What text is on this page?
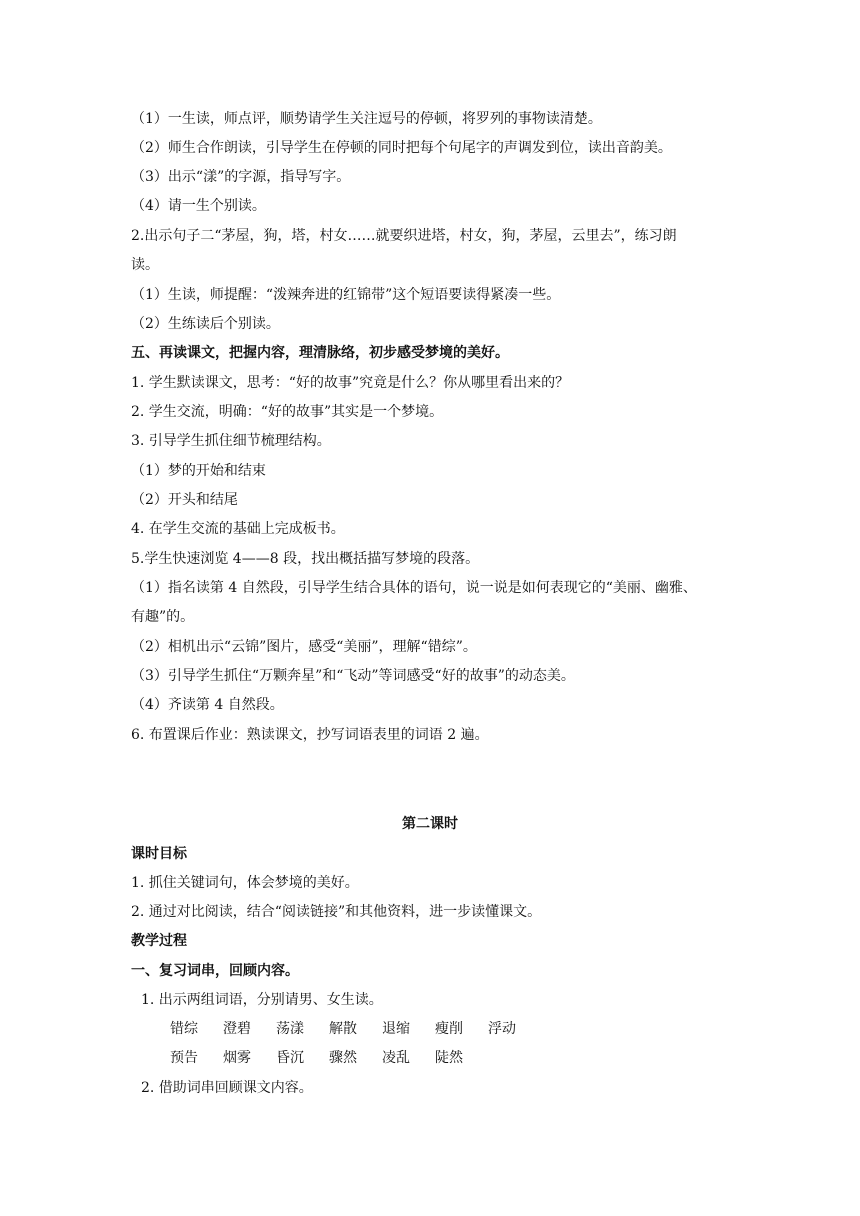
（1）一生读，师点评，顺势请学生关注逗号的停顿，将罗列的事物读清楚。
（2）师生合作朗读，引导学生在停顿的同时把每个句尾字的声调发到位，读出音韵美。
（3）出示“漾”的字源，指导写字。
（4）请一生个别读。
2.出示句子二“茅屋，狗，塔，村女……就要织进塔，村女，狗，茅屋，云里去”，练习朗
读。
（1）生读，师提醒：“泼辣奔进的红锦带”这个短语要读得紧凑一些。
（2）生练读后个别读。
五、再读课文，把握内容，理清脉络，初步感受梦境的美好。
1. 学生默读课文，思考：“好的故事”究竟是什么？你从哪里看出来的？
2. 学生交流，明确：“好的故事”其实是一个梦境。
3. 引导学生抓住细节梳理结构。
（1）梦的开始和结束
（2）开头和结尾
4. 在学生交流的基础上完成板书。
5.学生快速浏览 4——8 段，找出概括描写梦境的段落。
（1）指名读第 4 自然段，引导学生结合具体的语句，说一说是如何表现它的“美丽、幽雅、
有趣”的。
（2）相机出示“云锦”图片，感受“美丽”，理解“错综”。
（3）引导学生抓住“万颗奔星”和“飞动”等词感受“好的故事”的动态美。
（4）齐读第 4 自然段。
6. 布置课后作业：熟读课文，抄写词语表里的词语 2 遍。
第二课时
课时目标
1. 抓住关键词句，体会梦境的美好。
2. 通过对比阅读，结合“阅读链接”和其他资料，进一步读懂课文。
教学过程
一、复习词串，回顾内容。
1. 出示两组词语，分别请男、女生读。
错综	澄碧	荡漾	解散	退缩	瘦削	浮动
预告	烟雾	昏沉	骤然	凌乱	陡然
2. 借助词串回顾课文内容。
